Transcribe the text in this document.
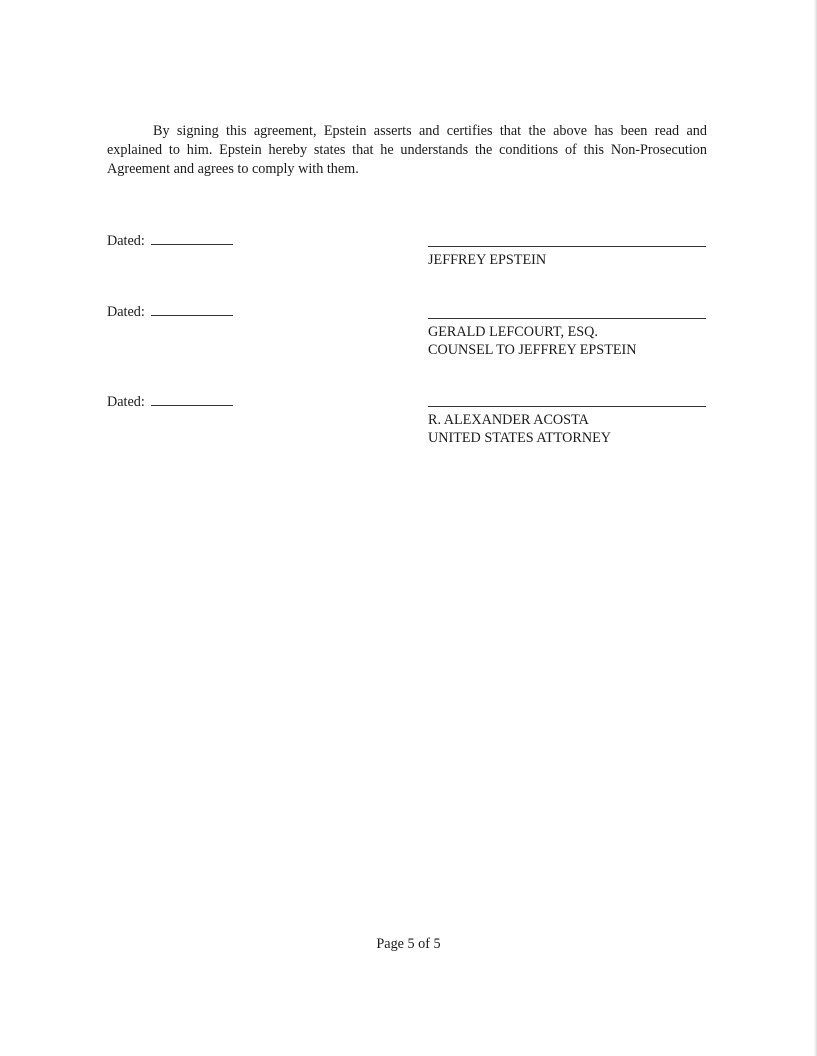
By signing this agreement, Epstein asserts and certifies that the above has been read and
explained to him. Epstein hereby states that he understands the conditions of this Non-Prosecution
Agreement and agrees to comply with them.
Dated:
JEFFREY EPSTEIN
Dated:
GERALD LEFCOURT, ESQ.
COUNSEL TO JEFFREY EPSTEIN
Dated:
R. ALEXANDER ACOSTA
UNITED STATES ATTORNEY
Page 5 of 5
